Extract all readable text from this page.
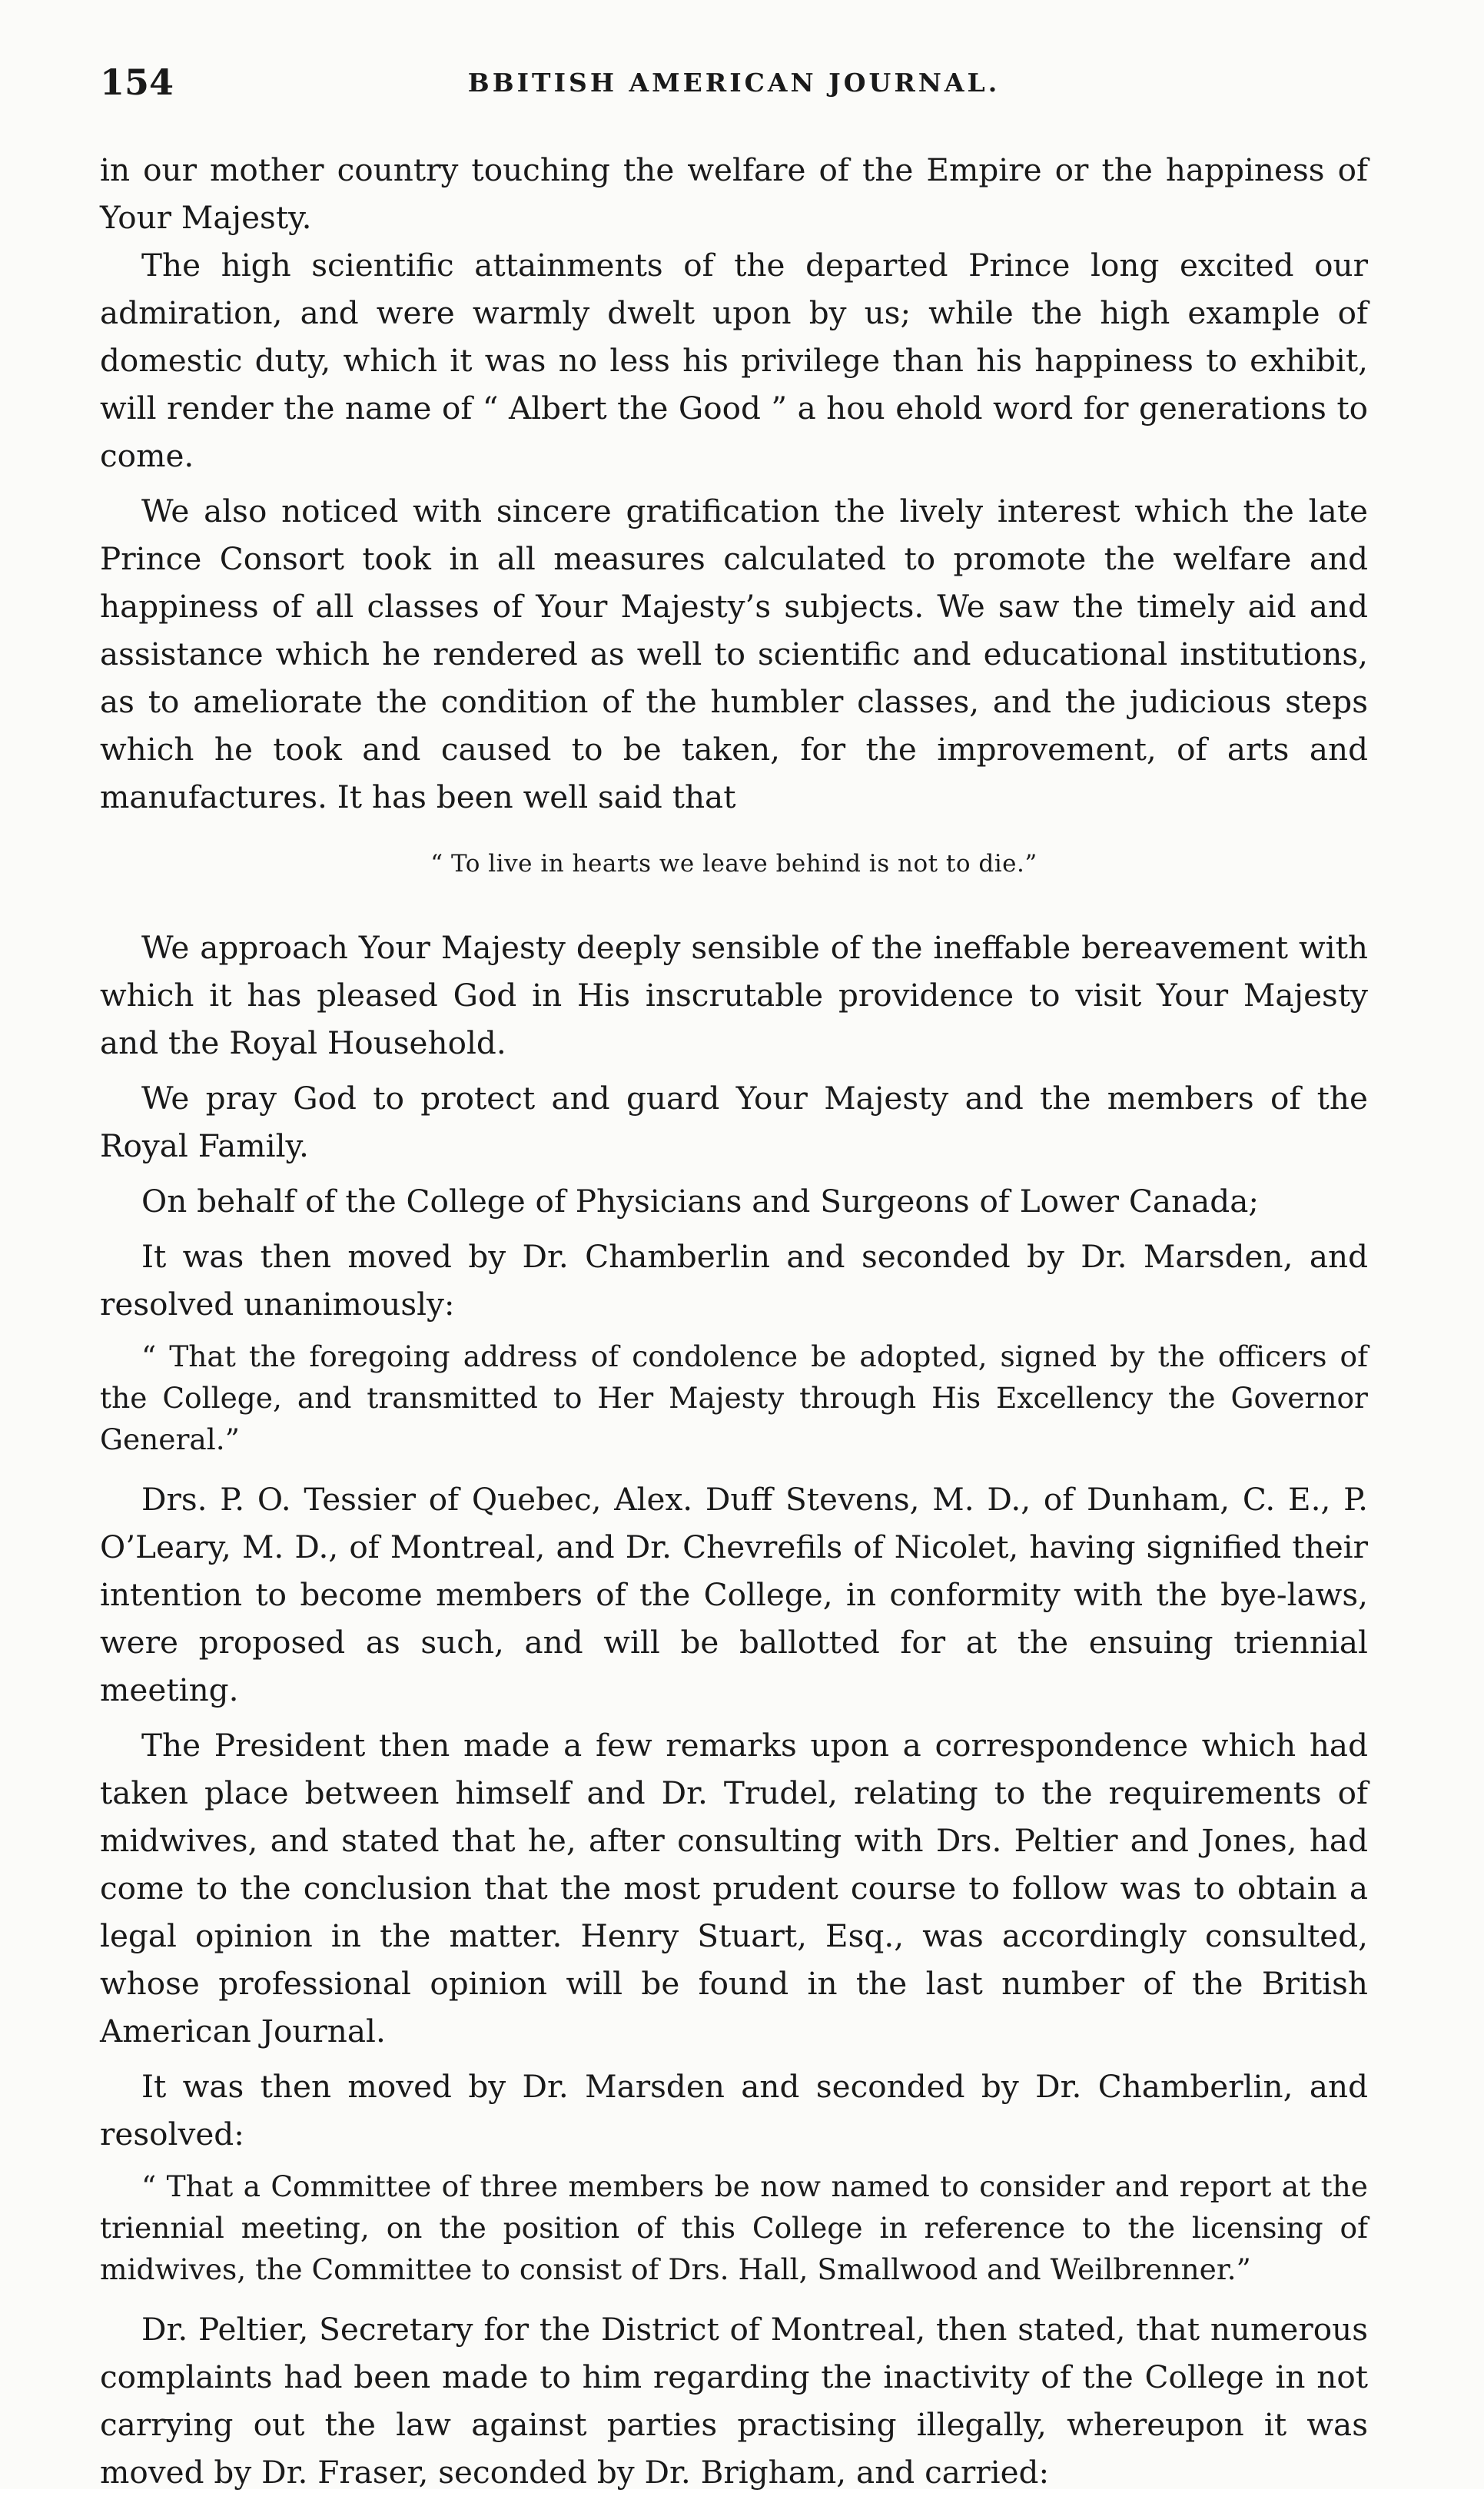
154	BBITISH AMERICAN JOURNAL.

in our mother country touching the welfare of the Empire or the happiness of Your Majesty.

The high scientific attainments of the departed Prince long excited our admiration, and were warmly dwelt upon by us; while the high example of domestic duty, which it was no less his privilege than his happiness to exhibit, will render the name of “ Albert the Good ” a hou ehold word for generations to come.

We also noticed with sincere gratification the lively interest which the late Prince Consort took in all measures calculated to promote the welfare and happiness of all classes of Your Majesty’s subjects. We saw the timely aid and assistance which he rendered as well to scientific and educational institutions, as to ameliorate the condition of the humbler classes, and the judicious steps which he took and caused to be taken, for the improvement, of arts and manufactures. It has been well said that

“ To live in hearts we leave behind is not to die.”

We approach Your Majesty deeply sensible of the ineffable bereavement with which it has pleased God in His inscrutable providence to visit Your Majesty and the Royal Household.

We pray God to protect and guard Your Majesty and the members of the Royal Family.

On behalf of the College of Physicians and Surgeons of Lower Canada;

It was then moved by Dr. Chamberlin and seconded by Dr. Marsden, and resolved unanimously:

“ That the foregoing address of condolence be adopted, signed by the officers of the College, and transmitted to Her Majesty through His Excellency the Governor General.”

Drs. P. O. Tessier of Quebec, Alex. Duff Stevens, M. D., of Dunham, C. E., P. O’Leary, M. D., of Montreal, and Dr. Chevrefils of Nicolet, having signified their intention to become members of the College, in conformity with the bye-laws, were proposed as such, and will be ballotted for at the ensuing triennial meeting.

The President then made a few remarks upon a correspondence which had taken place between himself and Dr. Trudel, relating to the requirements of midwives, and stated that he, after consulting with Drs. Peltier and Jones, had come to the conclusion that the most prudent course to follow was to obtain a legal opinion in the matter. Henry Stuart, Esq., was accordingly consulted, whose professional opinion will be found in the last number of the British American Journal.

It was then moved by Dr. Marsden and seconded by Dr. Chamberlin, and resolved:

“ That a Committee of three members be now named to consider and report at the triennial meeting, on the position of this College in reference to the licensing of midwives, the Committee to consist of Drs. Hall, Smallwood and Weilbrenner.”

Dr. Peltier, Secretary for the District of Montreal, then stated, that numerous complaints had been made to him regarding the inactivity of the College in not carrying out the law against parties practising illegally, whereupon it was moved by Dr. Fraser, seconded by Dr. Brigham, and carried:
